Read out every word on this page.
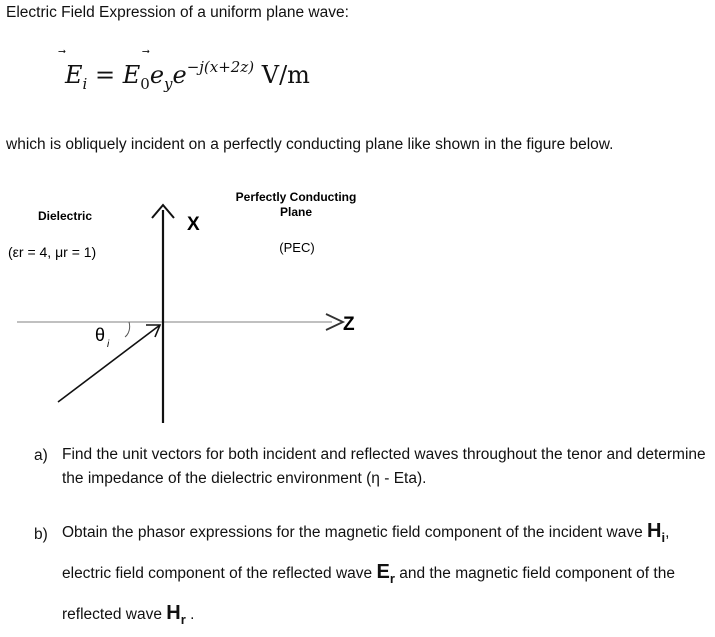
Electric Field Expression of a uniform plane wave:
$E_i = E_0$
$e_ye^{-j(x+2z)}$ V/m
which is obliquely incident on a perfectly conducting plane like shown in the figure below.
Dielectric
(εr = 4, μr = 1)
Perfectly Conducting
Plane
(PEC)
Z
X
θ i
a) Find the unit vectors for both incident and reflected waves throughout the tenor and determine the impedance of the dielectric environment (η - Eta).
b) Obtain the phasor expressions for the magnetic field component of the incident wave $H_i$, electric field component of the reflected wave $E_r$ and the magnetic field component of the reflected wave $H_r$ .
